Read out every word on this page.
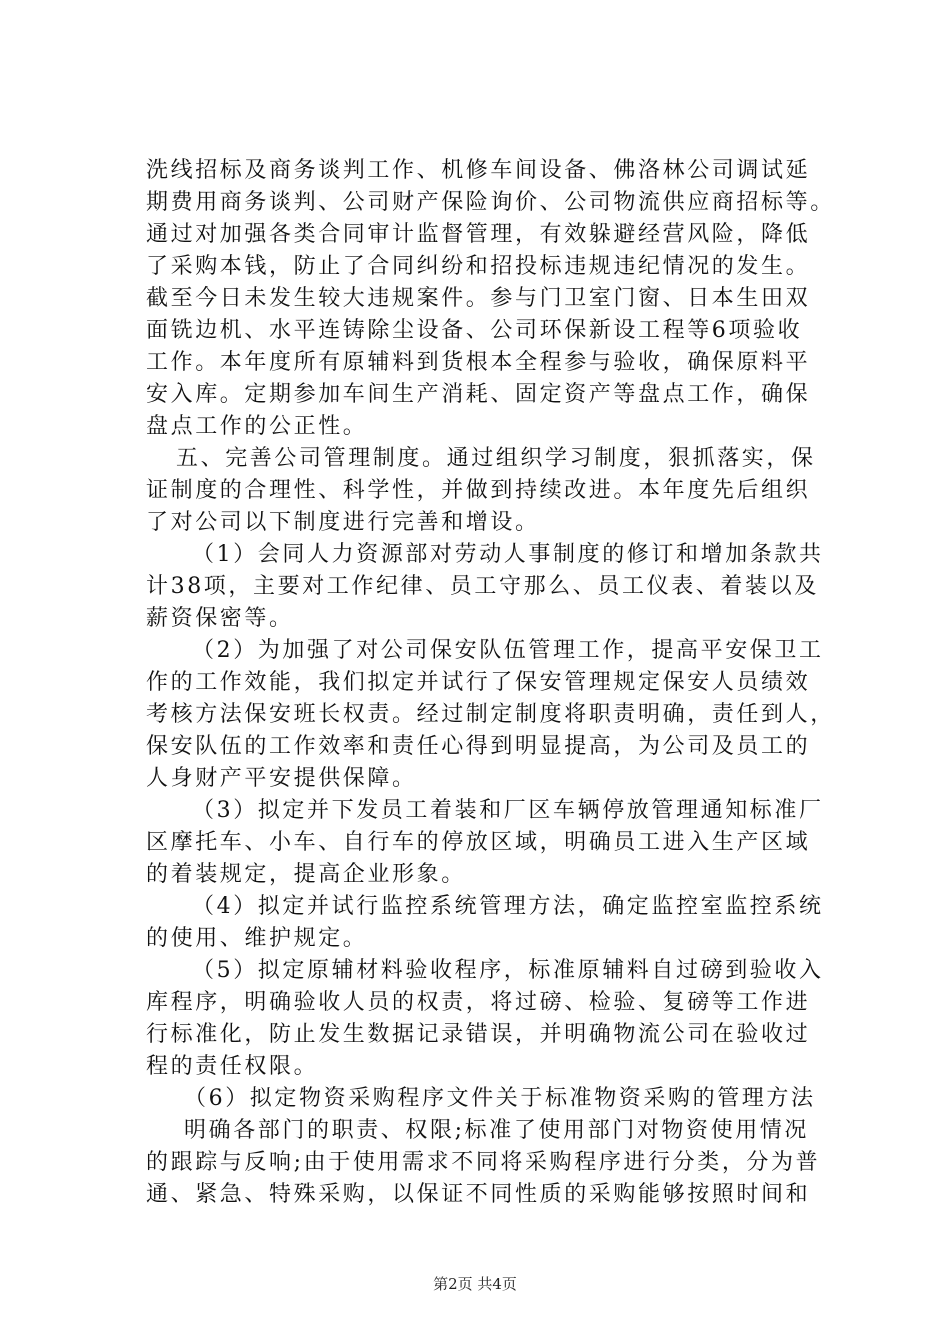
洗线招标及商务谈判工作、机修车间设备、佛洛林公司调试延
期费用商务谈判、公司财产保险询价、公司物流供应商招标等。
通过对加强各类合同审计监督管理，有效躲避经营风险，降低
了采购本钱，防止了合同纠纷和招投标违规违纪情况的发生。
截至今日未发生较大违规案件。参与门卫室门窗、日本生田双
面铣边机、水平连铸除尘设备、公司环保新设工程等6项验收
工作。本年度所有原辅料到货根本全程参与验收，确保原料平
安入库。定期参加车间生产消耗、固定资产等盘点工作，确保
盘点工作的公正性。
五、完善公司管理制度。通过组织学习制度，狠抓落实，保
证制度的合理性、科学性，并做到持续改进。本年度先后组织
了对公司以下制度进行完善和增设。
（1）会同人力资源部对劳动人事制度的修订和增加条款共
计38项，主要对工作纪律、员工守那么、员工仪表、着装以及
薪资保密等。
（2）为加强了对公司保安队伍管理工作，提高平安保卫工
作的工作效能，我们拟定并试行了保安管理规定保安人员绩效
考核方法保安班长权责。经过制定制度将职责明确，责任到人，
保安队伍的工作效率和责任心得到明显提高，为公司及员工的
人身财产平安提供保障。
（3）拟定并下发员工着装和厂区车辆停放管理通知标准厂
区摩托车、小车、自行车的停放区域，明确员工进入生产区域
的着装规定，提高企业形象。
（4）拟定并试行监控系统管理方法，确定监控室监控系统
的使用、维护规定。
（5）拟定原辅材料验收程序，标准原辅料自过磅到验收入
库程序，明确验收人员的权责，将过磅、检验、复磅等工作进
行标准化，防止发生数据记录错误，并明确物流公司在验收过
程的责任权限。
（6）拟定物资采购程序文件关于标准物资采购的管理方法
明确各部门的职责、权限;标准了使用部门对物资使用情况
的跟踪与反响;由于使用需求不同将采购程序进行分类，分为普
通、紧急、特殊采购，以保证不同性质的采购能够按照时间和
第2页 共4页
